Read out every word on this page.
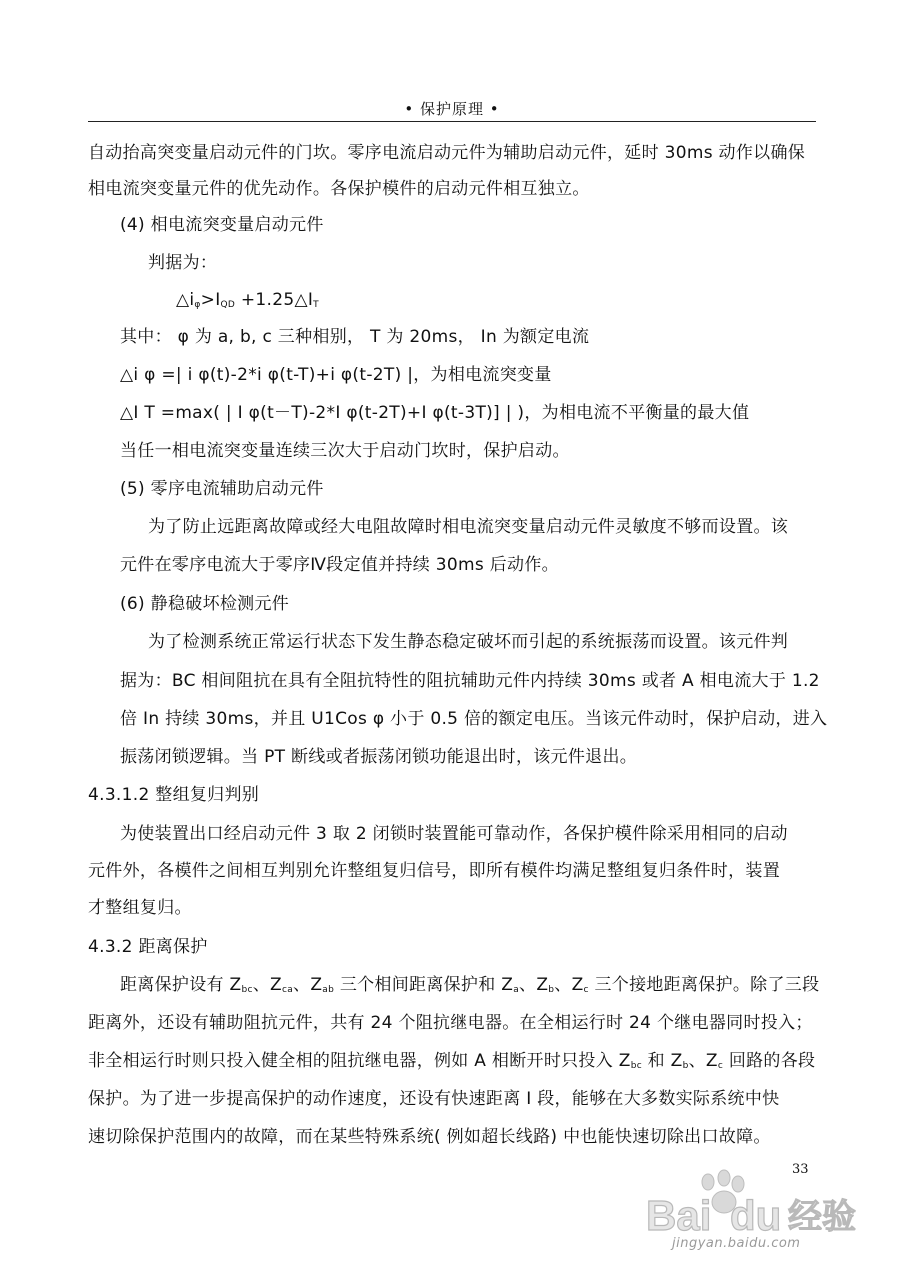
• 保护原理 •
自动抬高突变量启动元件的门坎。零序电流启动元件为辅助启动元件，延时 30ms 动作以确保
相电流突变量元件的优先动作。各保护模件的启动元件相互独立。
(4) 相电流突变量启动元件
判据为：
$\triangle i_\varphi>I_{QD}$ $+1.25\triangle I_T$
其中： φ 为 a, b, c 三种相别， T 为 20ms， In 为额定电流
△i φ =| i φ(t)-2*i φ(t-T)+i φ(t-2T) |，为相电流突变量
△I T =max( | I φ(t－T)-2*I φ(t-2T)+I φ(t-3T)] | )，为相电流不平衡量的最大值
当任一相电流突变量连续三次大于启动门坎时，保护启动。
(5) 零序电流辅助启动元件
为了防止远距离故障或经大电阻故障时相电流突变量启动元件灵敏度不够而设置。该
元件在零序电流大于零序Ⅳ段定值并持续 30ms 后动作。
(6) 静稳破坏检测元件
为了检测系统正常运行状态下发生静态稳定破坏而引起的系统振荡而设置。该元件判
据为：BC 相间阻抗在具有全阻抗特性的阻抗辅助元件内持续 30ms 或者 A 相电流大于 1.2
倍 In 持续 30ms，并且 U1Cos φ 小于 0.5 倍的额定电压。当该元件动时，保护启动，进入
振荡闭锁逻辑。当 PT 断线或者振荡闭锁功能退出时，该元件退出。
4.3.1.2 整组复归判别
为使装置出口经启动元件 3 取 2 闭锁时装置能可靠动作，各保护模件除采用相同的启动
元件外，各模件之间相互判别允许整组复归信号，即所有模件均满足整组复归条件时，装置
才整组复归。
4.3.2 距离保护
距离保护设有 $Z_{bc}$、$Z_{ca}$、$Z_{ab}$ 三个相间距离保护和 $Z_a$、$Z_b$、$Z_c$ 三个接地距离保护。除了三段
距离外，还设有辅助阻抗元件，共有 24 个阻抗继电器。在全相运行时 24 个继电器同时投入；
非全相运行时则只投入健全相的阻抗继电器，例如 A 相断开时只投入 $Z_{bc}$ 和 $Z_b$、$Z_c$ 回路的各段
保护。为了进一步提高保护的动作速度，还设有快速距离 I 段，能够在大多数实际系统中快
速切除保护范围内的故障，而在某些特殊系统( 例如超长线路) 中也能快速切除出口故障。
33
Bai du 经验
jingyan.baidu.com
